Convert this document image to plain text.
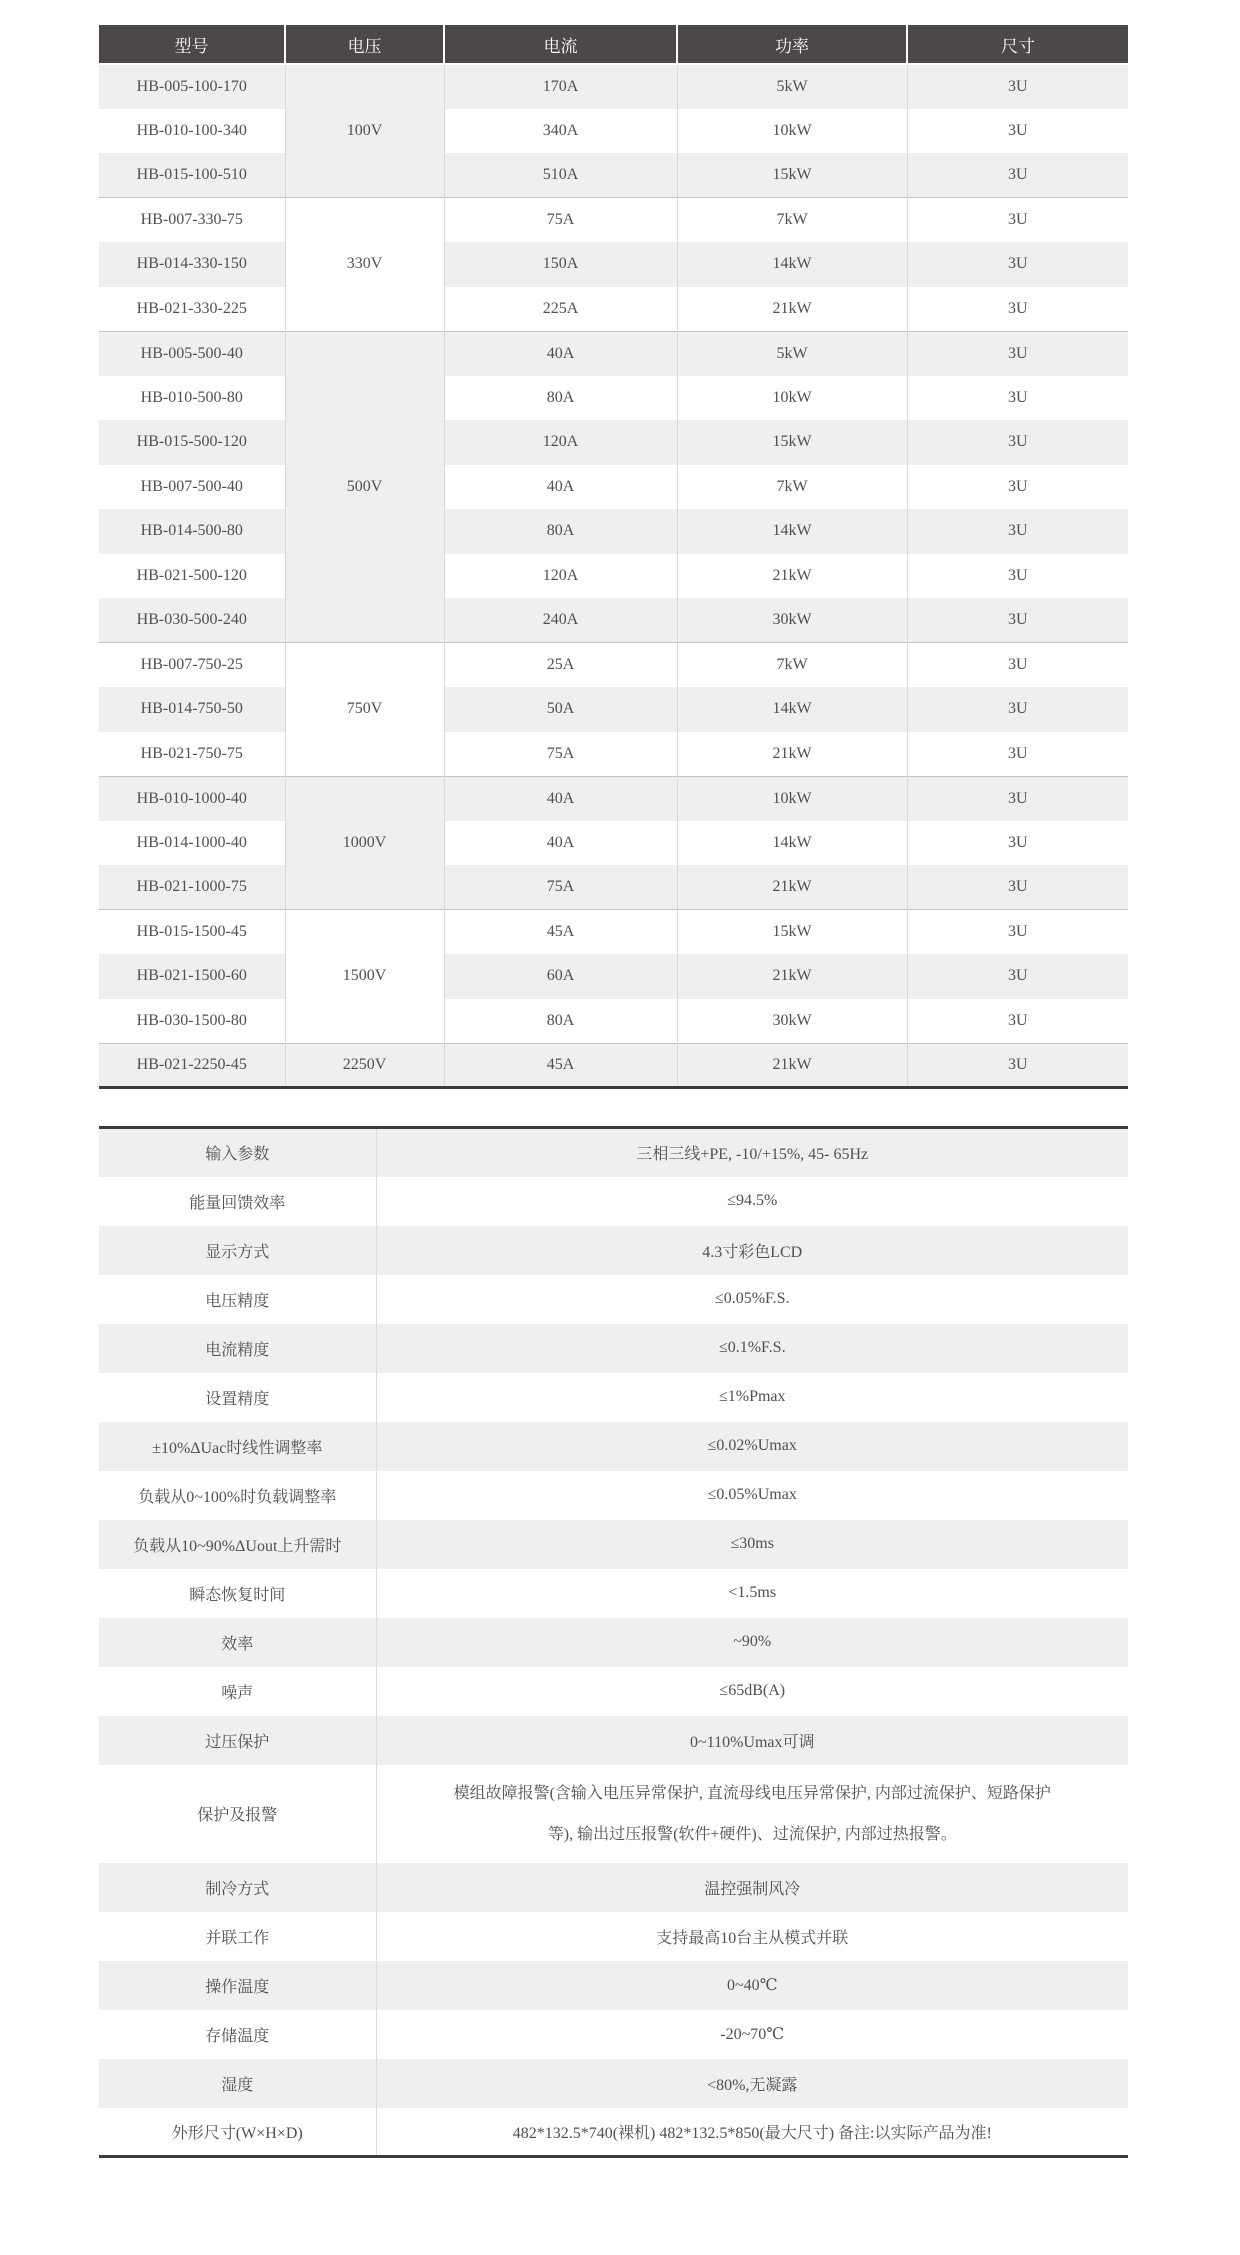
型号	电压	电流	功率	尺寸
HB-005-100-170	100V	170A	5kW	3U
HB-010-100-340		340A	10kW	3U
HB-015-100-510		510A	15kW	3U
HB-007-330-75	330V	75A	7kW	3U
HB-014-330-150		150A	14kW	3U
HB-021-330-225		225A	21kW	3U
HB-005-500-40	500V	40A	5kW	3U
HB-010-500-80		80A	10kW	3U
HB-015-500-120		120A	15kW	3U
HB-007-500-40		40A	7kW	3U
HB-014-500-80		80A	14kW	3U
HB-021-500-120		120A	21kW	3U
HB-030-500-240		240A	30kW	3U
HB-007-750-25	750V	25A	7kW	3U
HB-014-750-50		50A	14kW	3U
HB-021-750-75		75A	21kW	3U
HB-010-1000-40	1000V	40A	10kW	3U
HB-014-1000-40		40A	14kW	3U
HB-021-1000-75		75A	21kW	3U
HB-015-1500-45	1500V	45A	15kW	3U
HB-021-1500-60		60A	21kW	3U
HB-030-1500-80		80A	30kW	3U
HB-021-2250-45	2250V	45A	21kW	3U
输入参数	三相三线+PE, -10/+15%, 45- 65Hz
能量回馈效率	≤94.5%
显示方式	4.3寸彩色LCD
电压精度	≤0.05%F.S.
电流精度	≤0.1%F.S.
设置精度	≤1%Pmax
±10%ΔUac时线性调整率	≤0.02%Umax
负载从0~100%时负载调整率	≤0.05%Umax
负载从10~90%ΔUout上升需时	≤30ms
瞬态恢复时间	<1.5ms
效率	~90%
噪声	≤65dB(A)
过压保护	0~110%Umax可调
保护及报警	模组故障报警(含输入电压异常保护, 直流母线电压异常保护, 内部过流保护、短路保护等), 输出过压报警(软件+硬件)、过流保护, 内部过热报警。
制冷方式	温控强制风冷
并联工作	支持最高10台主从模式并联
操作温度	0~40℃
存储温度	-20~70℃
湿度	<80%,无凝露
外形尺寸(W×H×D)	482*132.5*740(裸机) 482*132.5*850(最大尺寸) 备注:以实际产品为准!
